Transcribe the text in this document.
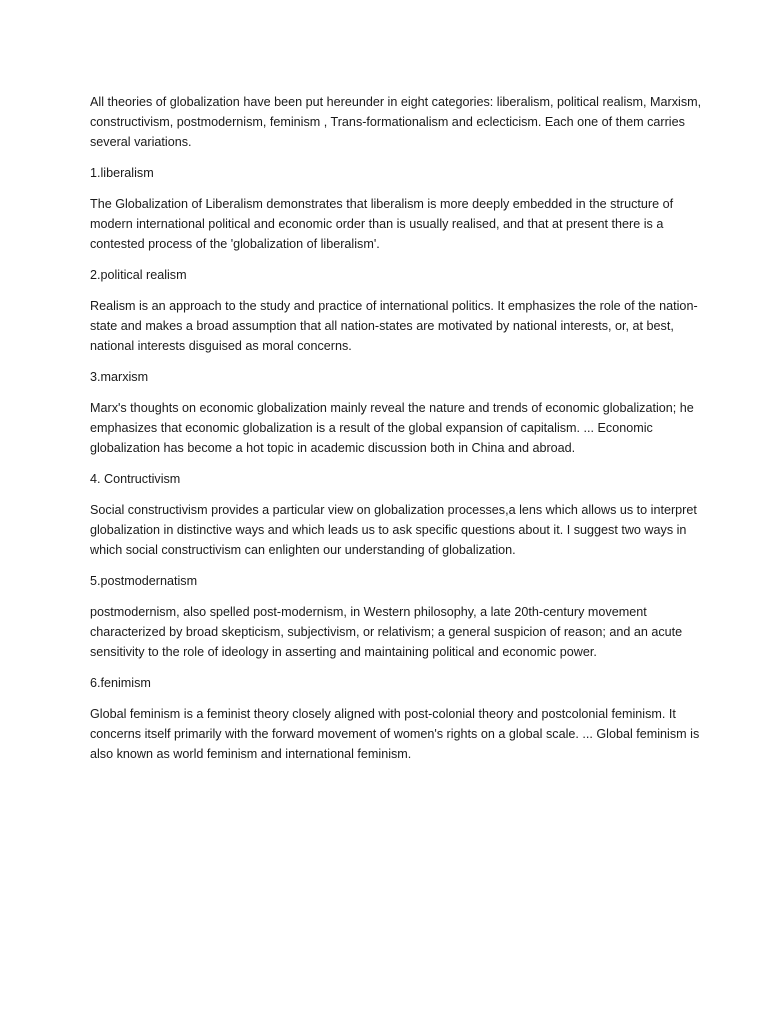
All theories of globalization have been put hereunder in eight categories: liberalism, political realism, Marxism, constructivism, postmodernism, feminism , Trans-formationalism and eclecticism. Each one of them carries several variations.

1.liberalism

The Globalization of Liberalism demonstrates that liberalism is more deeply embedded in the structure of modern international political and economic order than is usually realised, and that at present there is a contested process of the 'globalization of liberalism'.

2.political realism

Realism is an approach to the study and practice of international politics. It emphasizes the role of the nation-state and makes a broad assumption that all nation-states are motivated by national interests, or, at best, national interests disguised as moral concerns.

3.marxism

Marx's thoughts on economic globalization mainly reveal the nature and trends of economic globalization; he emphasizes that economic globalization is a result of the global expansion of capitalism. ... Economic globalization has become a hot topic in academic discussion both in China and abroad.

4. Contructivism

Social constructivism provides a particular view on globalization processes,a lens which allows us to interpret globalization in distinctive ways and which leads us to ask specific questions about it. I suggest two ways in which social constructivism can enlighten our understanding of globalization.

5.postmodernatism

postmodernism, also spelled post-modernism, in Western philosophy, a late 20th-century movement characterized by broad skepticism, subjectivism, or relativism; a general suspicion of reason; and an acute sensitivity to the role of ideology in asserting and maintaining political and economic power.

6.fenimism

Global feminism is a feminist theory closely aligned with post-colonial theory and postcolonial feminism. It concerns itself primarily with the forward movement of women's rights on a global scale. ... Global feminism is also known as world feminism and international feminism.
